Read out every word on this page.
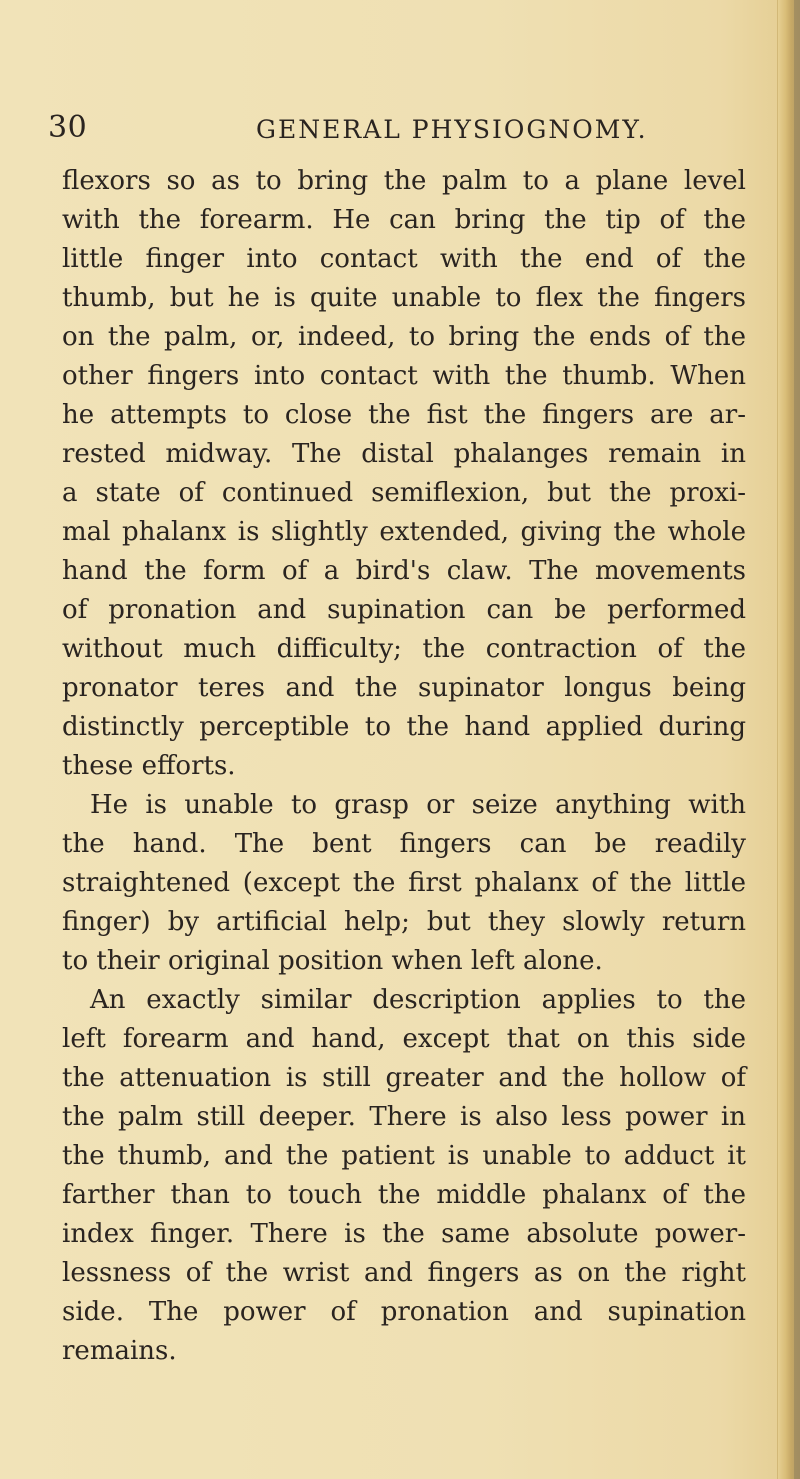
30	GENERAL PHYSIOGNOMY.
flexors so as to bring the palm to a plane level
with the forearm. He can bring the tip of the
little finger into contact with the end of the
thumb, but he is quite unable to flex the fingers
on the palm, or, indeed, to bring the ends of the
other fingers into contact with the thumb. When
he attempts to close the fist the fingers are ar-
rested midway. The distal phalanges remain in
a state of continued semiflexion, but the proxi-
mal phalanx is slightly extended, giving the whole
hand the form of a bird's claw. The movements
of pronation and supination can be performed
without much difficulty; the contraction of the
pronator teres and the supinator longus being
distinctly perceptible to the hand applied during
these efforts.
He is unable to grasp or seize anything with
the hand. The bent fingers can be readily
straightened (except the first phalanx of the little
finger) by artificial help; but they slowly return
to their original position when left alone.
An exactly similar description applies to the
left forearm and hand, except that on this side
the attenuation is still greater and the hollow of
the palm still deeper. There is also less power in
the thumb, and the patient is unable to adduct it
farther than to touch the middle phalanx of the
index finger. There is the same absolute power-
lessness of the wrist and fingers as on the right
side. The power of pronation and supination
remains.
